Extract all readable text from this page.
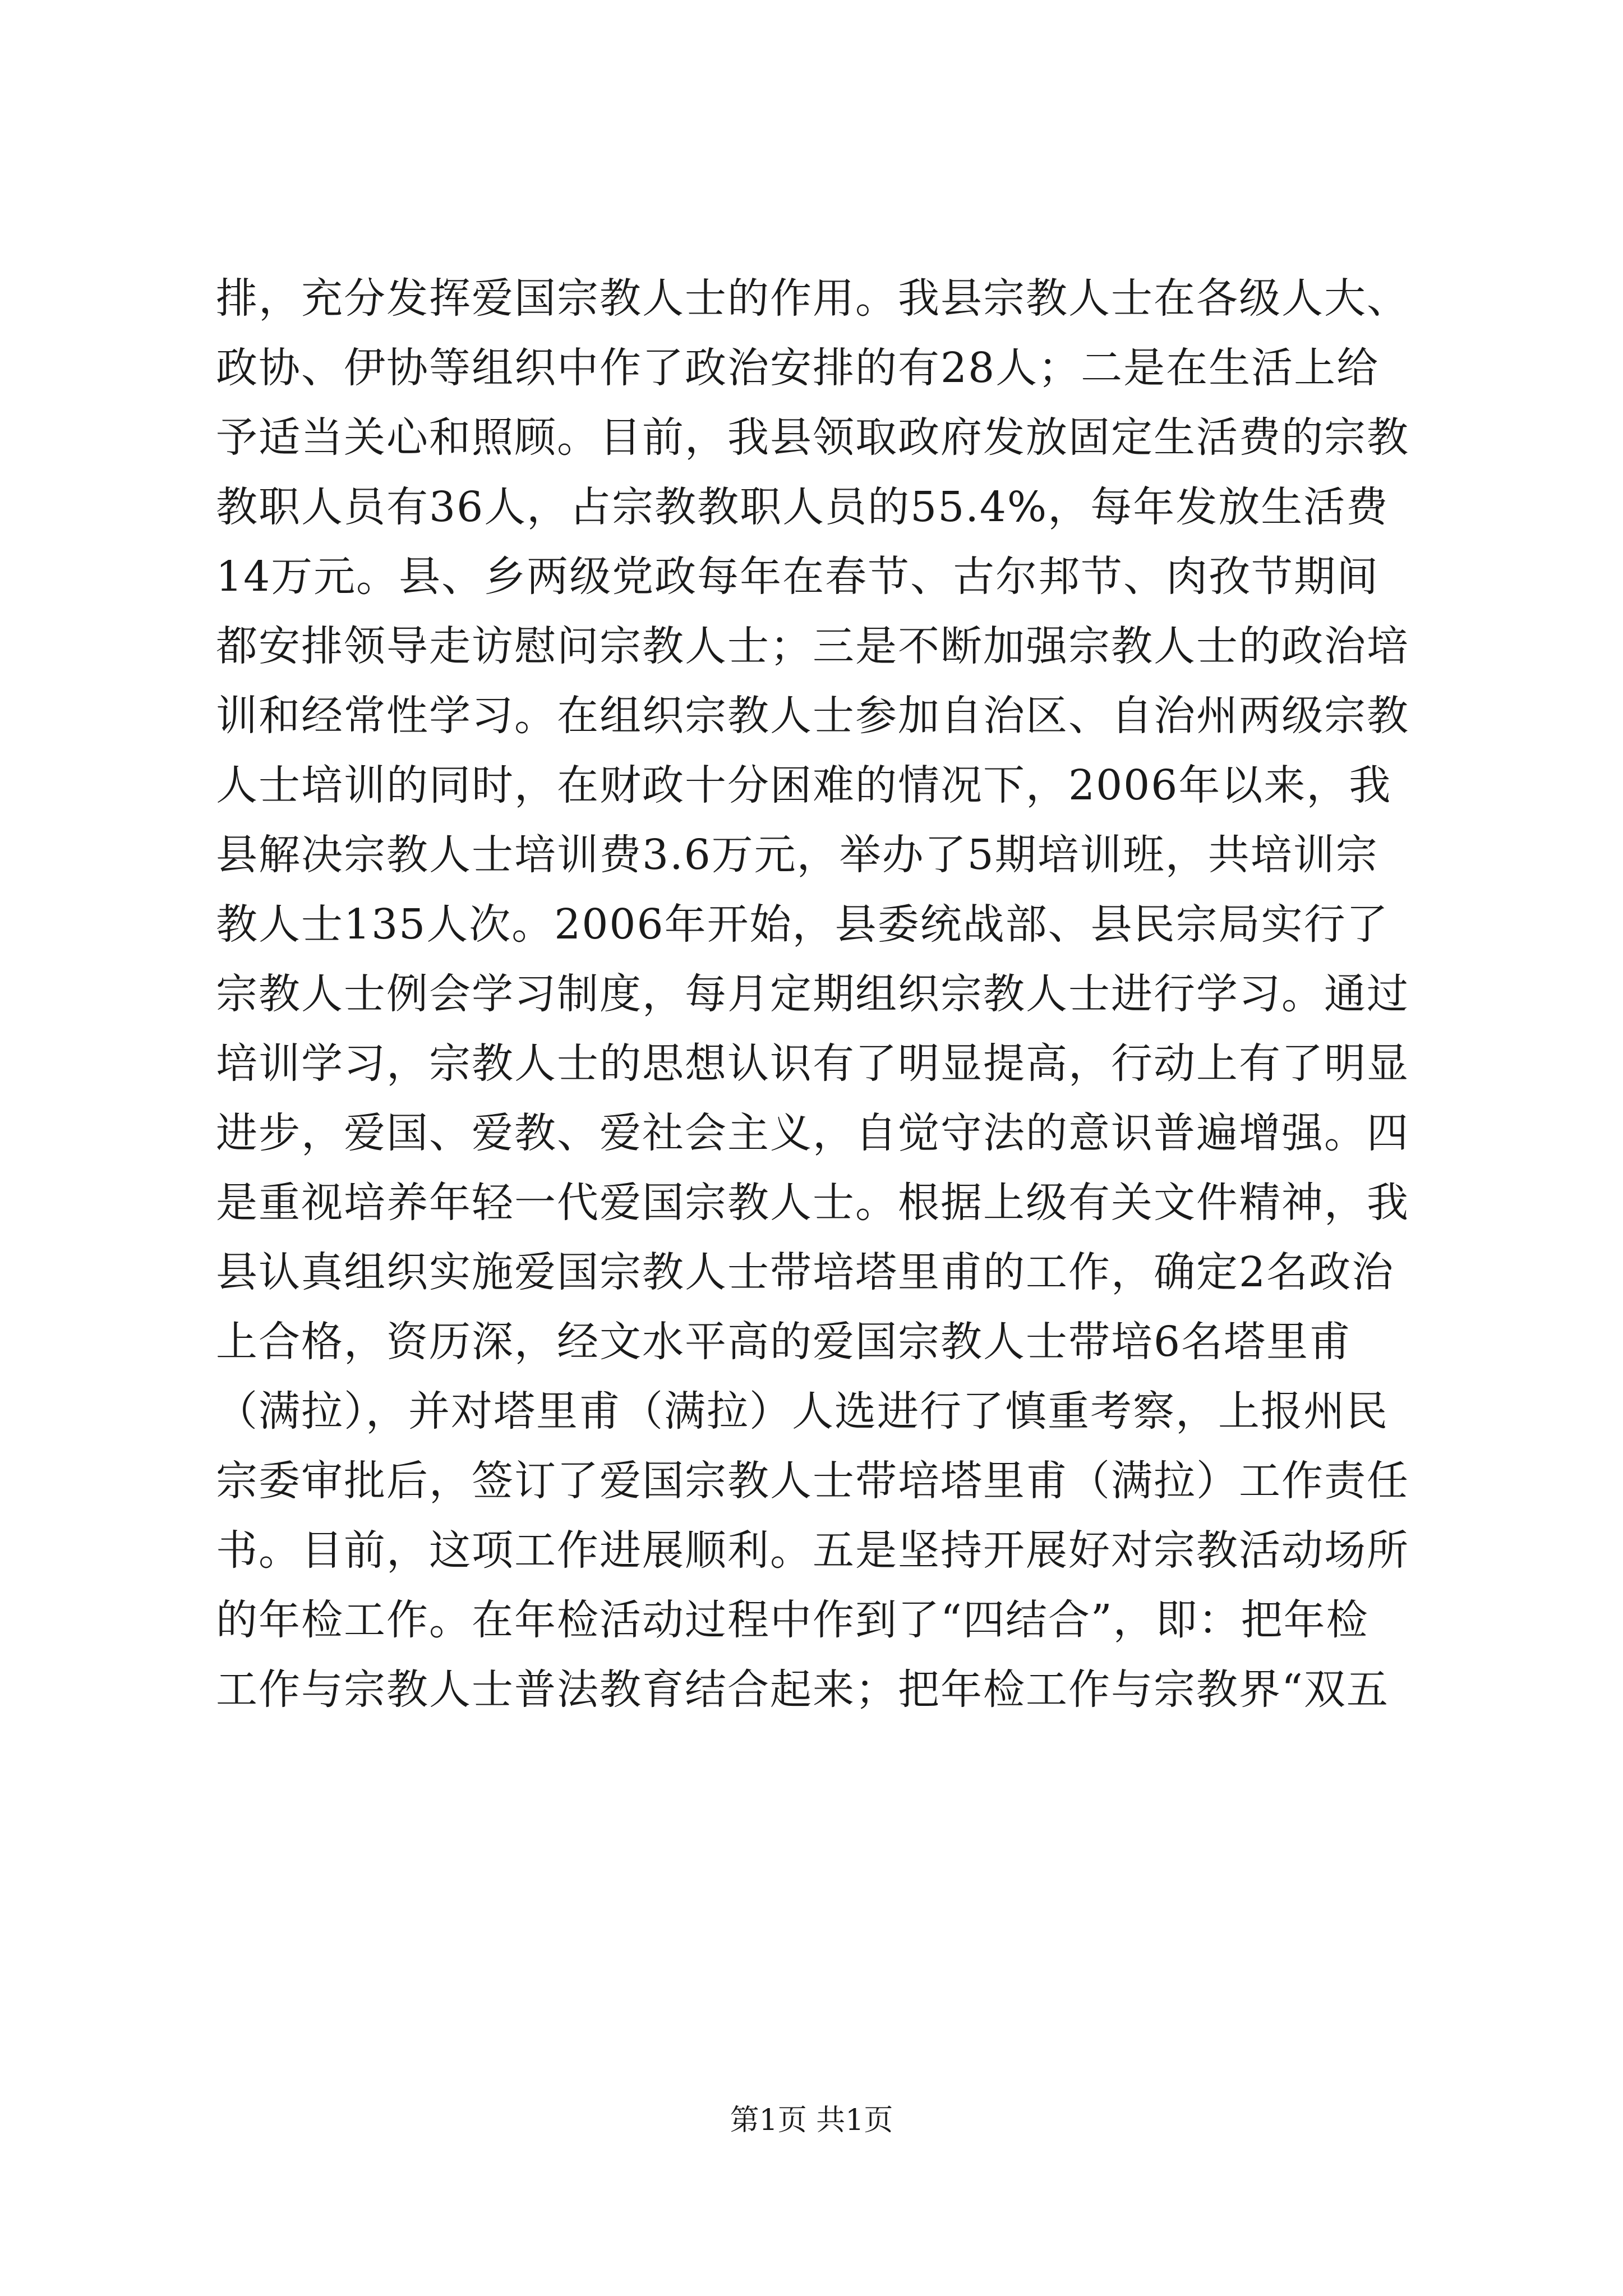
排，充分发挥爱国宗教人士的作用。我县宗教人士在各级人大、
政协、伊协等组织中作了政治安排的有28人；二是在生活上给
予适当关心和照顾。目前，我县领取政府发放固定生活费的宗教
教职人员有36人，占宗教教职人员的55.4%，每年发放生活费
14万元。县、乡两级党政每年在春节、古尔邦节、肉孜节期间
都安排领导走访慰问宗教人士；三是不断加强宗教人士的政治培
训和经常性学习。在组织宗教人士参加自治区、自治州两级宗教
人士培训的同时，在财政十分困难的情况下，2006年以来，我
县解决宗教人士培训费3.6万元，举办了5期培训班，共培训宗
教人士135人次。2006年开始，县委统战部、县民宗局实行了
宗教人士例会学习制度，每月定期组织宗教人士进行学习。通过
培训学习，宗教人士的思想认识有了明显提高，行动上有了明显
进步，爱国、爱教、爱社会主义，自觉守法的意识普遍增强。四
是重视培养年轻一代爱国宗教人士。根据上级有关文件精神，我
县认真组织实施爱国宗教人士带培塔里甫的工作，确定2名政治
上合格，资历深，经文水平高的爱国宗教人士带培6名塔里甫
（满拉），并对塔里甫（满拉）人选进行了慎重考察，上报州民
宗委审批后，签订了爱国宗教人士带培塔里甫（满拉）工作责任
书。目前，这项工作进展顺利。五是坚持开展好对宗教活动场所
的年检工作。在年检活动过程中作到了“四结合”，即：把年检
工作与宗教人士普法教育结合起来；把年检工作与宗教界“双五
第1页 共1页
